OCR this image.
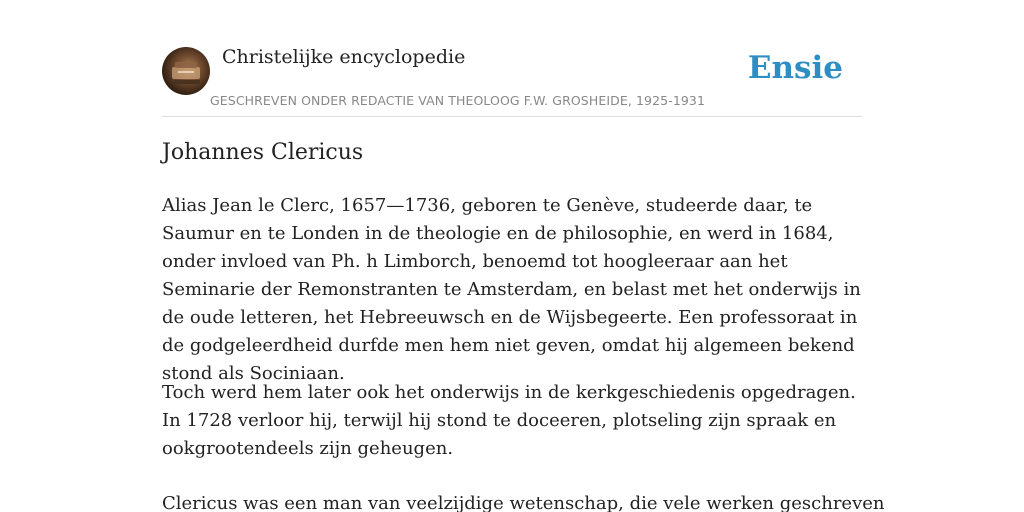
Christelijke encyclopedie
GESCHREVEN ONDER REDACTIE VAN THEOLOOG F.W. GROSHEIDE, 1925-1931
Ensie
Johannes Clericus

Alias Jean le Clerc, 1657—1736, geboren te Genève, studeerde daar, te Saumur en te Londen in de theologie en de philosophie, en werd in 1684, onder invloed van Ph. h Limborch, benoemd tot hoogleeraar aan het Seminarie der Remonstranten te Amsterdam, en belast met het onderwijs in de oude letteren, het Hebreeuwsch en de Wijsbegeerte. Een professoraat in de godgeleerdheid durfde men hem niet geven, omdat hij algemeen bekend stond als Sociniaan.

Toch werd hem later ook het onderwijs in de kerkgeschiedenis opgedragen. In 1728 verloor hij, terwijl hij stond te doceeren, plotseling zijn spraak en ookgrootendeels zijn geheugen.

Clericus was een man van veelzijdige wetenschap, die vele werken geschreven
